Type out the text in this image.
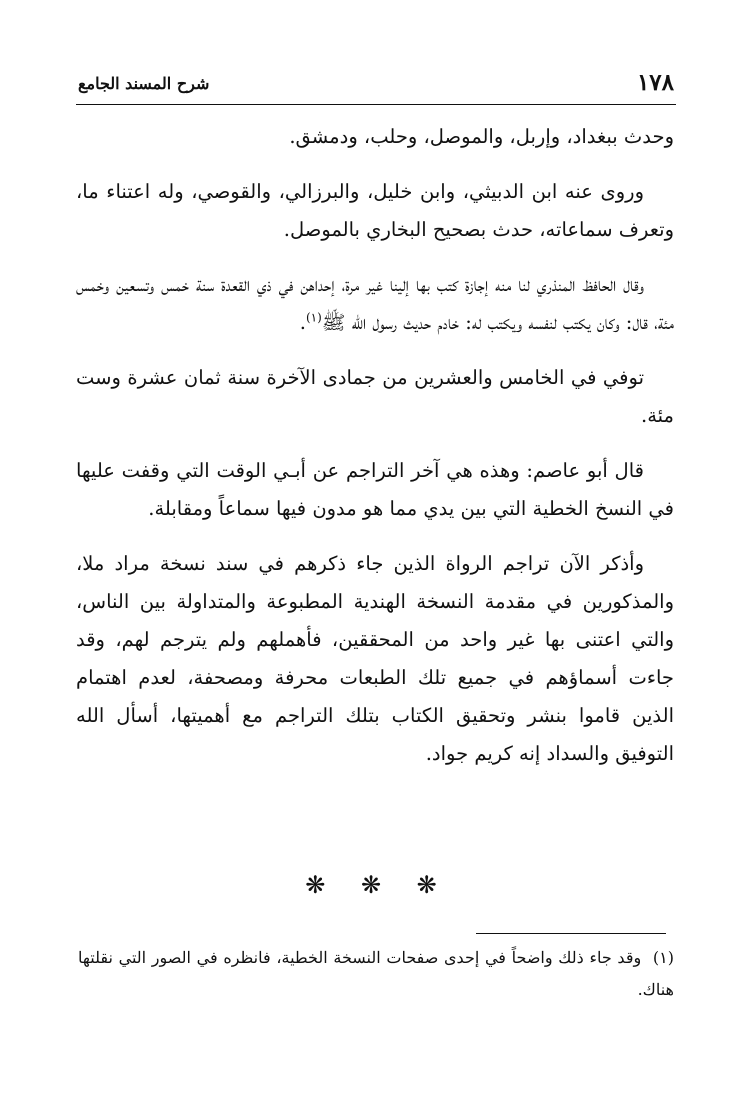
١٧٨
شرح المسند الجامع

وحدث ببغداد، وإربل، والموصل، وحلب، ودمشق.

وروى عنه ابن الدبيثي، وابن خليل، والبرزالي، والقوصي، وله اعتناء ما، وتعرف سماعاته، حدث بصحيح البخاري بالموصل.

وقال الحافظ المنذري لنا منه إجازة كتب بها إلينا غير مرة، إحداهن في ذي القعدة سنة خمس وتسعين وخمس مئة، قال: وكان يكتب لنفسه ويكتب له: خادم حديث رسول الله ﷺ$^{(١)}$.

توفي في الخامس والعشرين من جمادى الآخرة سنة ثمان عشرة وست مئة.

قال أبو عاصم: وهذه هي آخر التراجم عن أبـي الوقت التي وقفت عليها في النسخ الخطية التي بين يدي مما هو مدون فيها سماعاً ومقابلة.

وأذكر الآن تراجم الرواة الذين جاء ذكرهم في سند نسخة مراد ملا، والمذكورين في مقدمة النسخة الهندية المطبوعة والمتداولة بين الناس، والتي اعتنى بها غير واحد من المحققين، فأهملهم ولم يترجم لهم، وقد جاءت أسماؤهم في جميع تلك الطبعات محرفة ومصحفة، لعدم اهتمام الذين قاموا بنشر وتحقيق الكتاب بتلك التراجم مع أهميتها، أسأل الله التوفيق والسداد إنه كريم جواد.

❋ ❋ ❋
(١) وقد جاء ذلك واضحاً في إحدى صفحات النسخة الخطية، فانظره في الصور التي نقلتها هناك.
